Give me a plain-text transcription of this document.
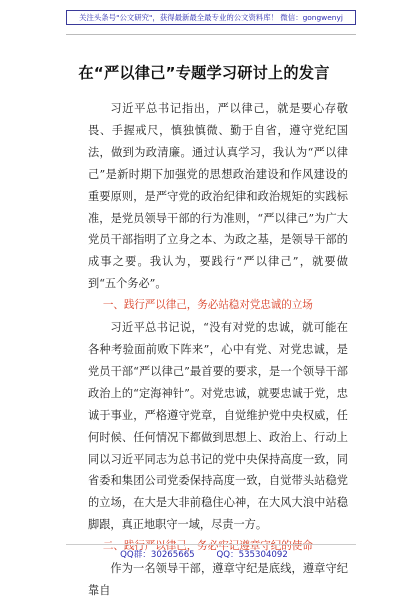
关注头条号"公文研究"，获得最新最全最专业的公文资料库！ 微信：gongwenyj
在“严以律己”专题学习研讨上的发言

习近平总书记指出，严以律己，就是要心存敬畏、手握戒尺，慎独慎微、勤于自省，遵守党纪国法，做到为政清廉。通过认真学习，我认为“严以律己”是新时期下加强党的思想政治建设和作风建设的重要原则，是严守党的政治纪律和政治规矩的实践标准，是党员领导干部的行为准则，“严以律己”为广大党员干部指明了立身之本、为政之基，是领导干部的成事之要。我认为，要践行“严以律己”，就要做到“五个务必”。

一、践行严以律己，务必站稳对党忠诚的立场

习近平总书记说，“没有对党的忠诚，就可能在各种考验面前败下阵来”，心中有党、对党忠诚，是党员干部“严以律己”最首要的要求，是一个领导干部政治上的“定海神针”。对党忠诚，就要忠诚于党，忠诚于事业，严格遵守党章，自觉维护党中央权威，任何时候、任何情况下都做到思想上、政治上、行动上同以习近平同志为总书记的党中央保持高度一致，同省委和集团公司党委保持高度一致，自觉带头站稳党的立场，在大是大非前稳住心神，在大风大浪中站稳脚跟，真正地职守一域，尽责一方。

二、践行严以律己，务必牢记遵章守纪的使命

作为一名领导干部，遵章守纪是底线，遵章守纪靠自

QQ群：30265665        QQ：535304092
